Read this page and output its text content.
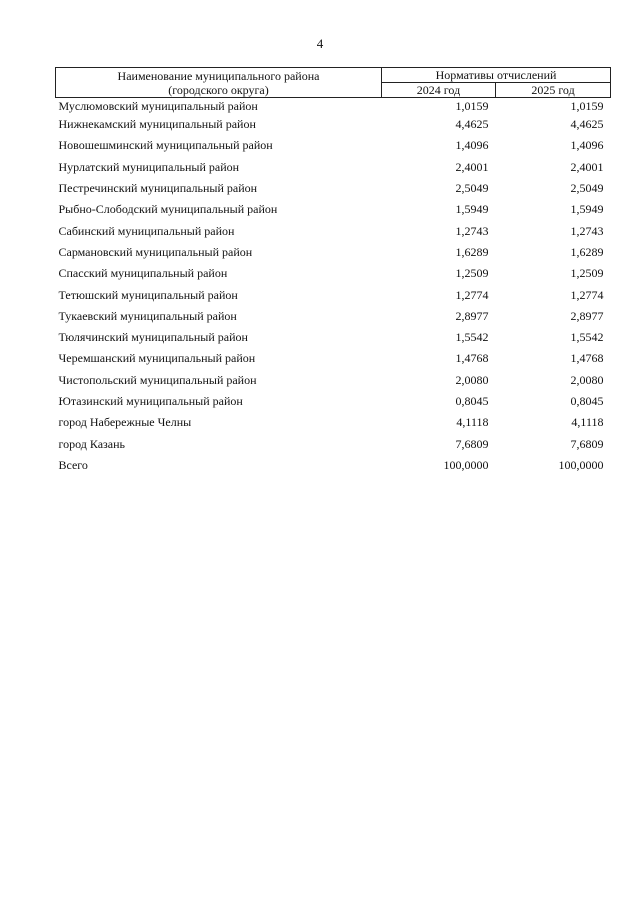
4
Наименование муниципального района
(городского округа)	Нормативы отчислений	
	2024 год	2025 год
Муслюмовский муниципальный район	1,0159	1,0159
Нижнекамский муниципальный район	4,4625	4,4625
Новошешминский муниципальный район	1,4096	1,4096
Нурлатский муниципальный район	2,4001	2,4001
Пестречинский муниципальный район	2,5049	2,5049
Рыбно-Слободский муниципальный район	1,5949	1,5949
Сабинский муниципальный район	1,2743	1,2743
Сармановский муниципальный район	1,6289	1,6289
Спасский муниципальный район	1,2509	1,2509
Тетюшский муниципальный район	1,2774	1,2774
Тукаевский муниципальный район	2,8977	2,8977
Тюлячинский муниципальный район	1,5542	1,5542
Черемшанский муниципальный район	1,4768	1,4768
Чистопольский муниципальный район	2,0080	2,0080
Ютазинский муниципальный район	0,8045	0,8045
город Набережные Челны	4,1118	4,1118
город Казань	7,6809	7,6809
Всего	100,0000	100,0000
